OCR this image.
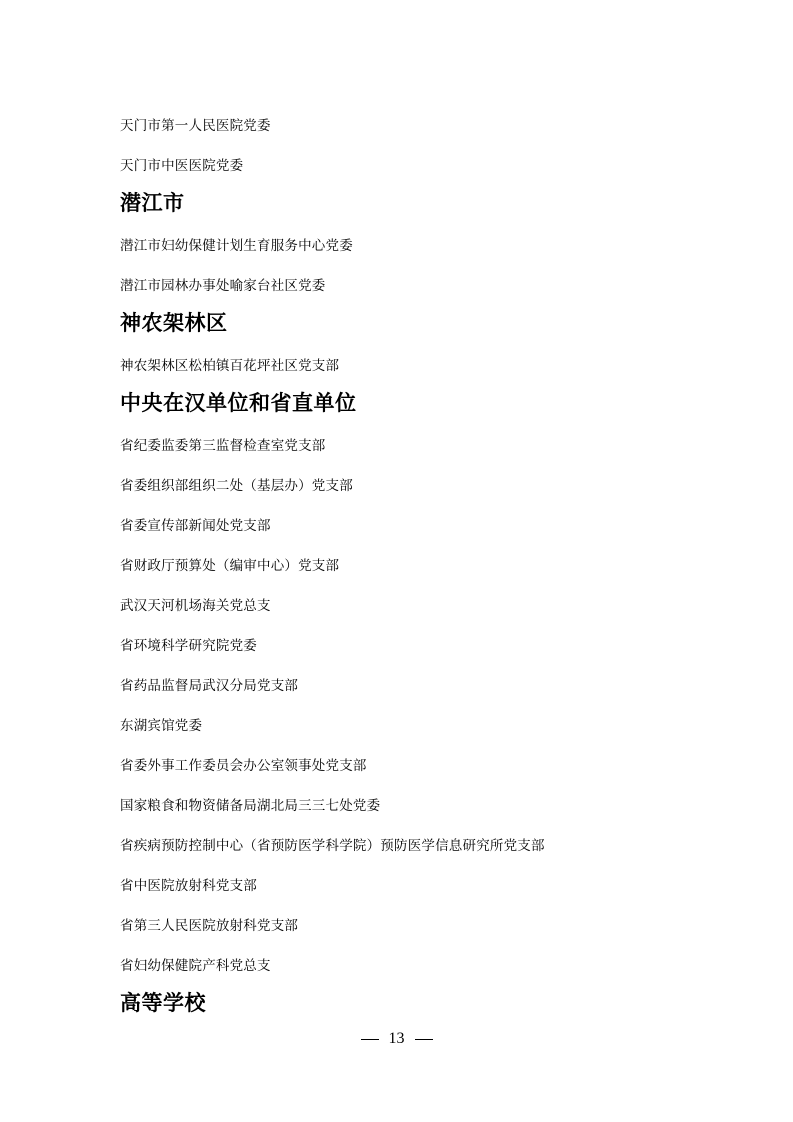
天门市第一人民医院党委
天门市中医医院党委
潜江市
潜江市妇幼保健计划生育服务中心党委
潜江市园林办事处喻家台社区党委
神农架林区
神农架林区松柏镇百花坪社区党支部
中央在汉单位和省直单位
省纪委监委第三监督检查室党支部
省委组织部组织二处（基层办）党支部
省委宣传部新闻处党支部
省财政厅预算处（编审中心）党支部
武汉天河机场海关党总支
省环境科学研究院党委
省药品监督局武汉分局党支部
东湖宾馆党委
省委外事工作委员会办公室领事处党支部
国家粮食和物资储备局湖北局三三七处党委
省疾病预防控制中心（省预防医学科学院）预防医学信息研究所党支部
省中医院放射科党支部
省第三人民医院放射科党支部
省妇幼保健院产科党总支
高等学校
13
